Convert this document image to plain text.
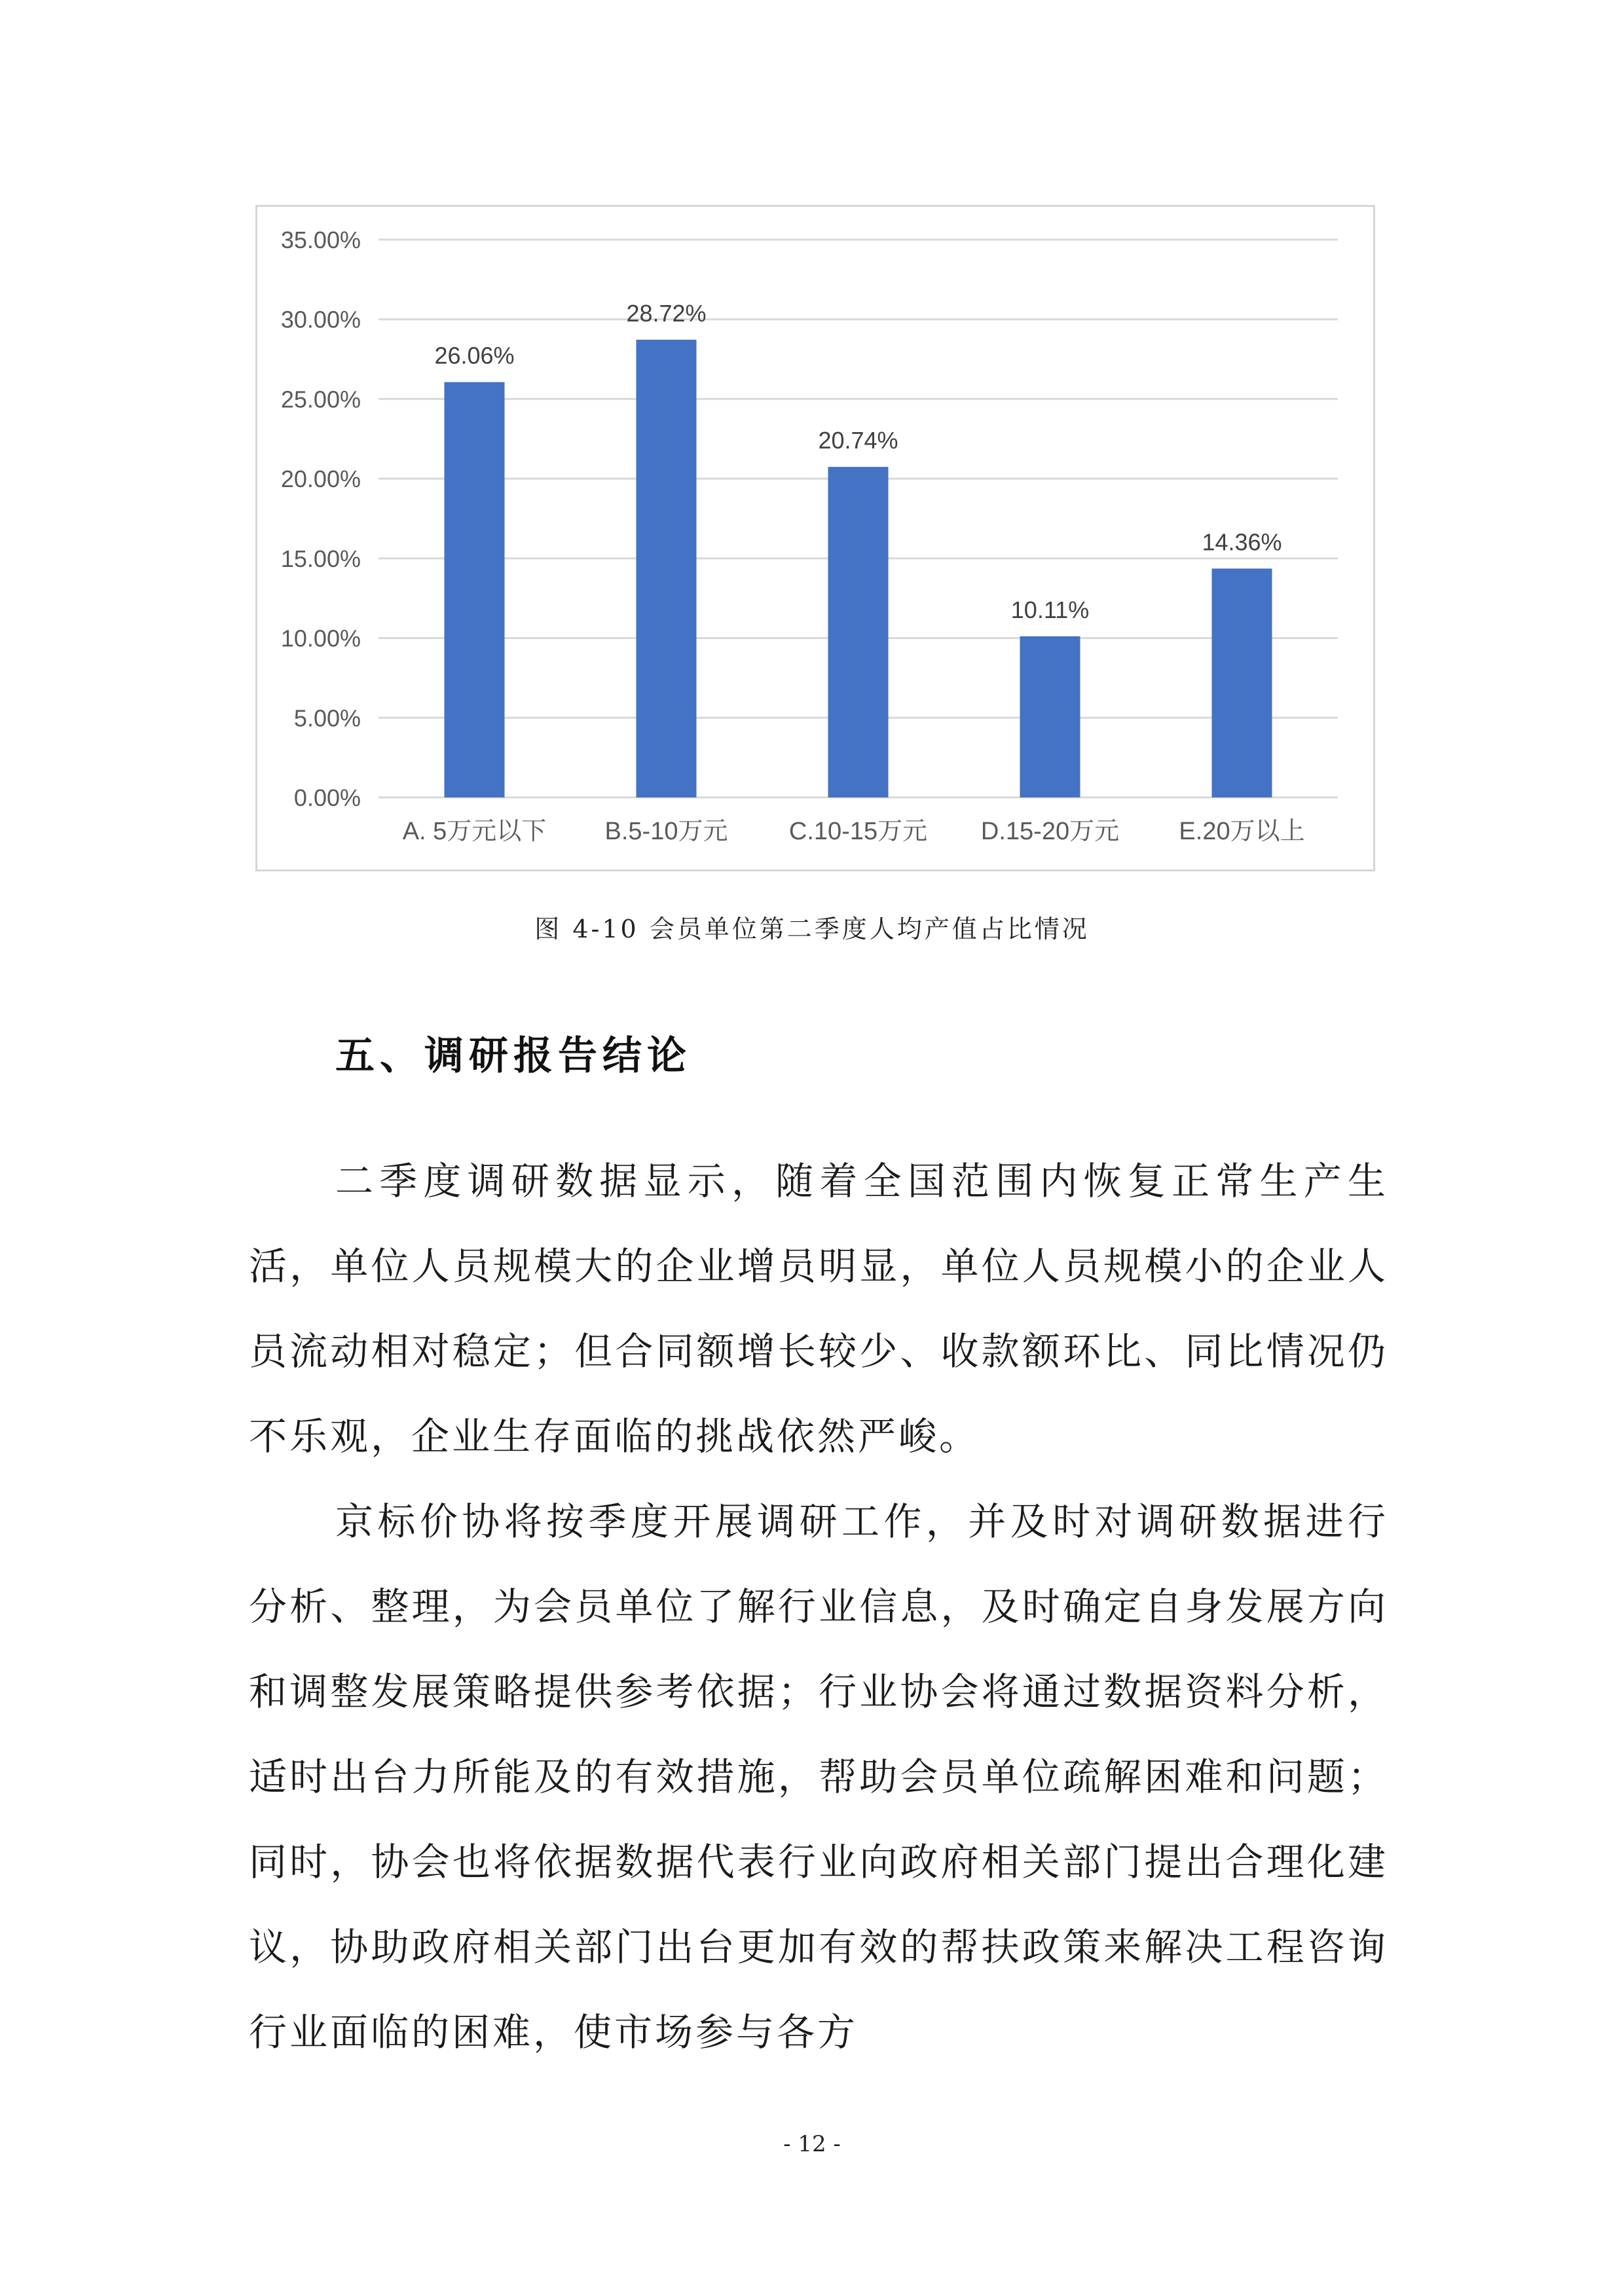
0.00%
5.00%
10.00%
15.00%
20.00%
25.00%
30.00%
35.00%
26.06%
A. 5万元以下
28.72%
B.5-10万元
20.74%
C.10-15万元
10.11%
D.15-20万元
14.36%
E.20万以上
图 4-10 会员单位第二季度人均产值占比情况
五、调研报告结论

二季度调研数据显示，随着全国范围内恢复正常生产生活，单位人员规模大的企业增员明显，单位人员规模小的企业人员流动相对稳定；但合同额增长较少、收款额环比、同比情况仍不乐观，企业生存面临的挑战依然严峻。

京标价协将按季度开展调研工作，并及时对调研数据进行分析、整理，为会员单位了解行业信息，及时确定自身发展方向和调整发展策略提供参考依据；行业协会将通过数据资料分析，适时出台力所能及的有效措施，帮助会员单位疏解困难和问题；同时，协会也将依据数据代表行业向政府相关部门提出合理化建议，协助政府相关部门出台更加有效的帮扶政策来解决工程咨询行业面临的困难，使市场参与各方

- 12 -
